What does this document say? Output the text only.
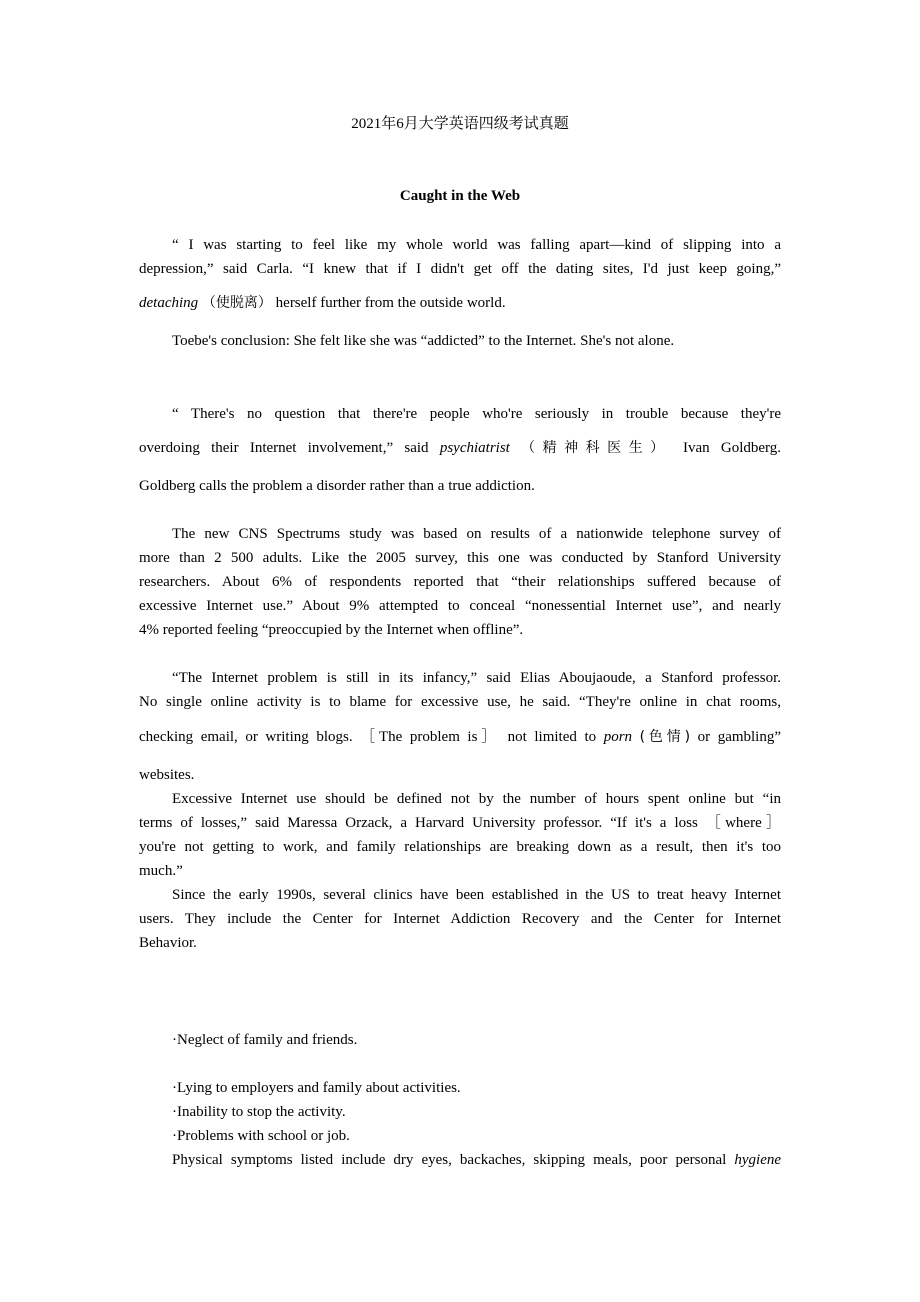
2021年6月大学英语四级考试真题
Caught in the Web
“ I was starting to feel like my whole world was falling apart—kind of slipping into a
depression,” said Carla. “I knew that if I didn't get off the dating sites, I'd just keep going,”
detaching （使脱离） herself further from the outside world.
Toebe's conclusion: She felt like she was “addicted” to the Internet. She's not alone.
“ There's no question that there're people who're seriously in trouble because they're
overdoing their Internet involvement,” said psychiatrist （精神科医生） Ivan Goldberg.
Goldberg calls the problem a disorder rather than a true addiction.
The new CNS Spectrums study was based on results of a nationwide telephone survey of
more than 2 500 adults. Like the 2005 survey, this one was conducted by Stanford University
researchers. About 6% of respondents reported that “their relationships suffered because of
excessive Internet use.” About 9% attempted to conceal “nonessential Internet use”, and nearly
4% reported feeling “preoccupied by the Internet when offline”.
“The Internet problem is still in its infancy,” said Elias Aboujaoude, a Stanford professor.
No single online activity is to blame for excessive use, he said. “They're online in chat rooms,
checking email, or writing blogs. ［The problem is］ not limited to porn (色情) or gambling”
websites.
Excessive Internet use should be defined not by the number of hours spent online but “in
terms of losses,” said Maressa Orzack, a Harvard University professor. “If it's a loss ［where］
you're not getting to work, and family relationships are breaking down as a result, then it's too
much.”
Since the early 1990s, several clinics have been established in the US to treat heavy Internet
users. They include the Center for Internet Addiction Recovery and the Center for Internet
Behavior.
·Neglect of family and friends.
·Lying to employers and family about activities.
·Inability to stop the activity.
·Problems with school or job.
Physical symptoms listed include dry eyes, backaches, skipping meals, poor personal hygiene
